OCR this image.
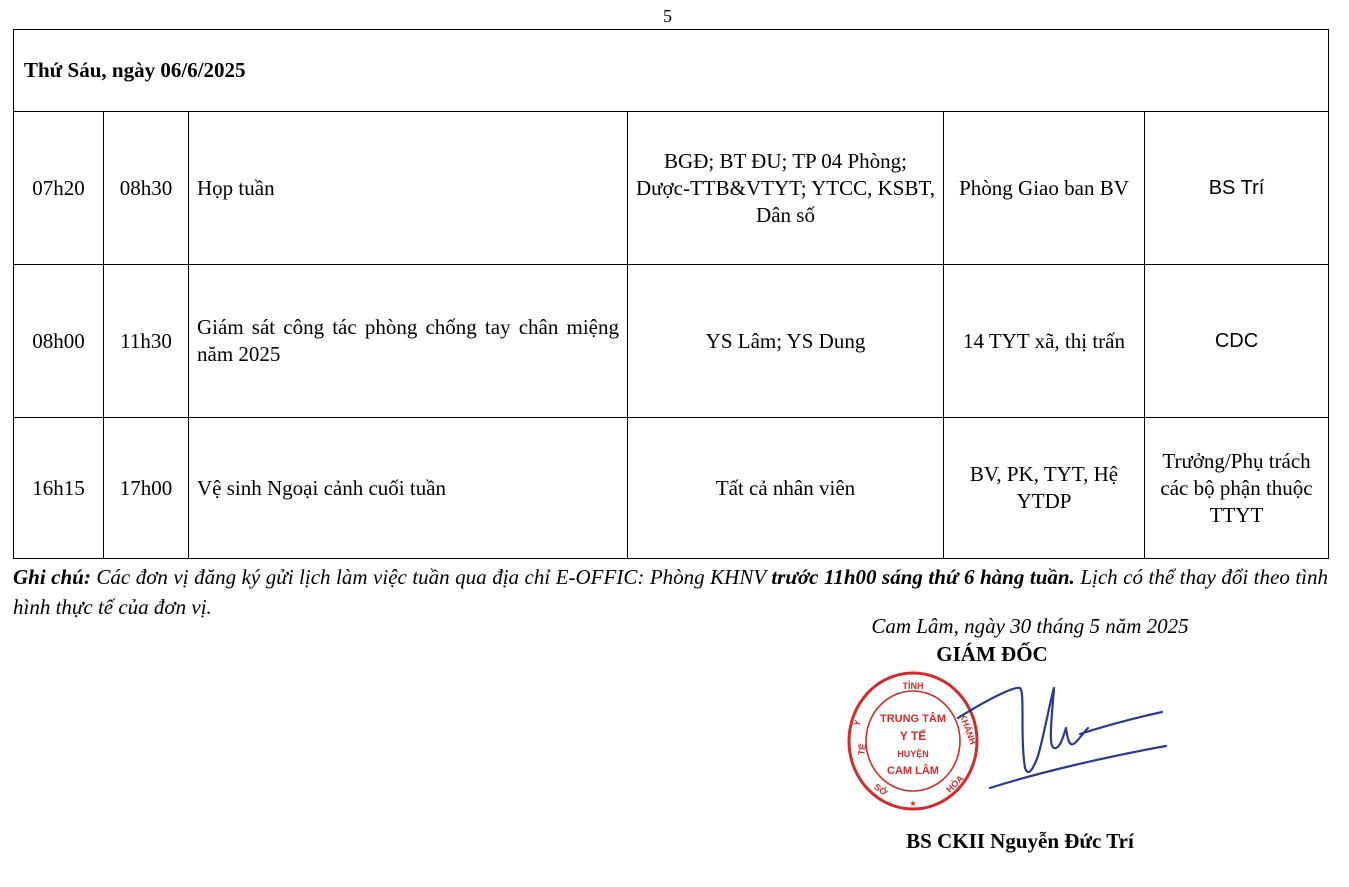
5
Thứ Sáu, ngày 06/6/2025					
07h20	08h30	Họp tuần	BGĐ; BT ĐU; TP 04 Phòng; Dược-TTB&VTYT; YTCC, KSBT, Dân số	Phòng Giao ban BV	BS Trí
08h00	11h30	Giám sát công tác phòng chống tay chân miệng năm 2025	YS Lâm; YS Dung	14 TYT xã, thị trấn	CDC
16h15	17h00	Vệ sinh Ngoại cảnh cuối tuần	Tất cả nhân viên	BV, PK, TYT, Hệ YTDP	Trưởng/Phụ trách các bộ phận thuộc TTYT
Ghi chú: Các đơn vị đăng ký gửi lịch làm việc tuần qua địa chỉ E-OFFIC: Phòng KHNV trước 11h00 sáng thứ 6 hàng tuần. Lịch có thể thay đổi theo tình hình thực tế của đơn vị.
Cam Lâm, ngày 30 tháng 5 năm 2025
GIÁM ĐỐC
TỈNH
KHÁNH
HÒA
SỞ
Y
TẾ
★
TRUNG TÂM
Y TẾ
HUYỆN
CAM LÂM
BS CKII Nguyễn Đức Trí
